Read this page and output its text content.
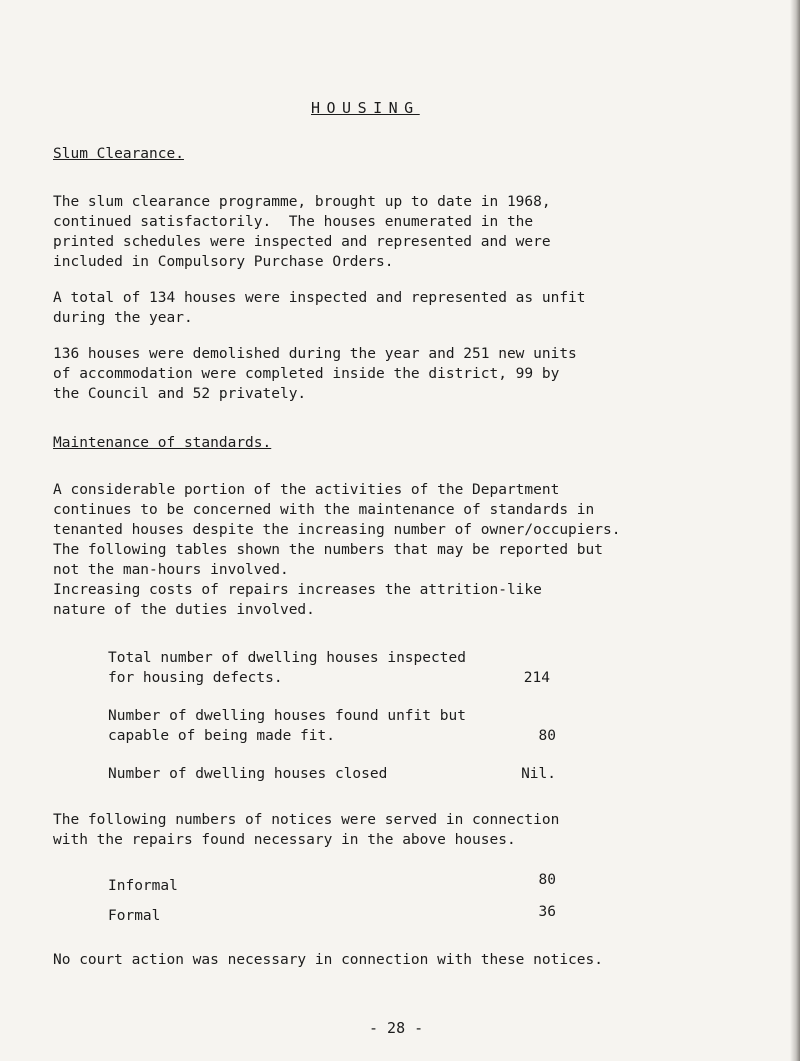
HOUSING
Slum Clearance.
The slum clearance programme, brought up to date in 1968,
continued satisfactorily.  The houses enumerated in the
printed schedules were inspected and represented and were
included in Compulsory Purchase Orders.
A total of 134 houses were inspected and represented as unfit
during the year.
136 houses were demolished during the year and 251 new units
of accommodation were completed inside the district, 99 by
the Council and 52 privately.
Maintenance of standards.
A considerable portion of the activities of the Department
continues to be concerned with the maintenance of standards in
tenanted houses despite the increasing number of owner/occupiers.
The following tables shown the numbers that may be reported but
not the man-hours involved.
Increasing costs of repairs increases the attrition-like
nature of the duties involved.
Total number of dwelling houses inspected
for housing defects.	214
Number of dwelling houses found unfit but
capable of being made fit.	80
Number of dwelling houses closed	Nil.
The following numbers of notices were served in connection
with the repairs found necessary in the above houses.
Informal	80
Formal	36
No court action was necessary in connection with these notices.
- 28 -
